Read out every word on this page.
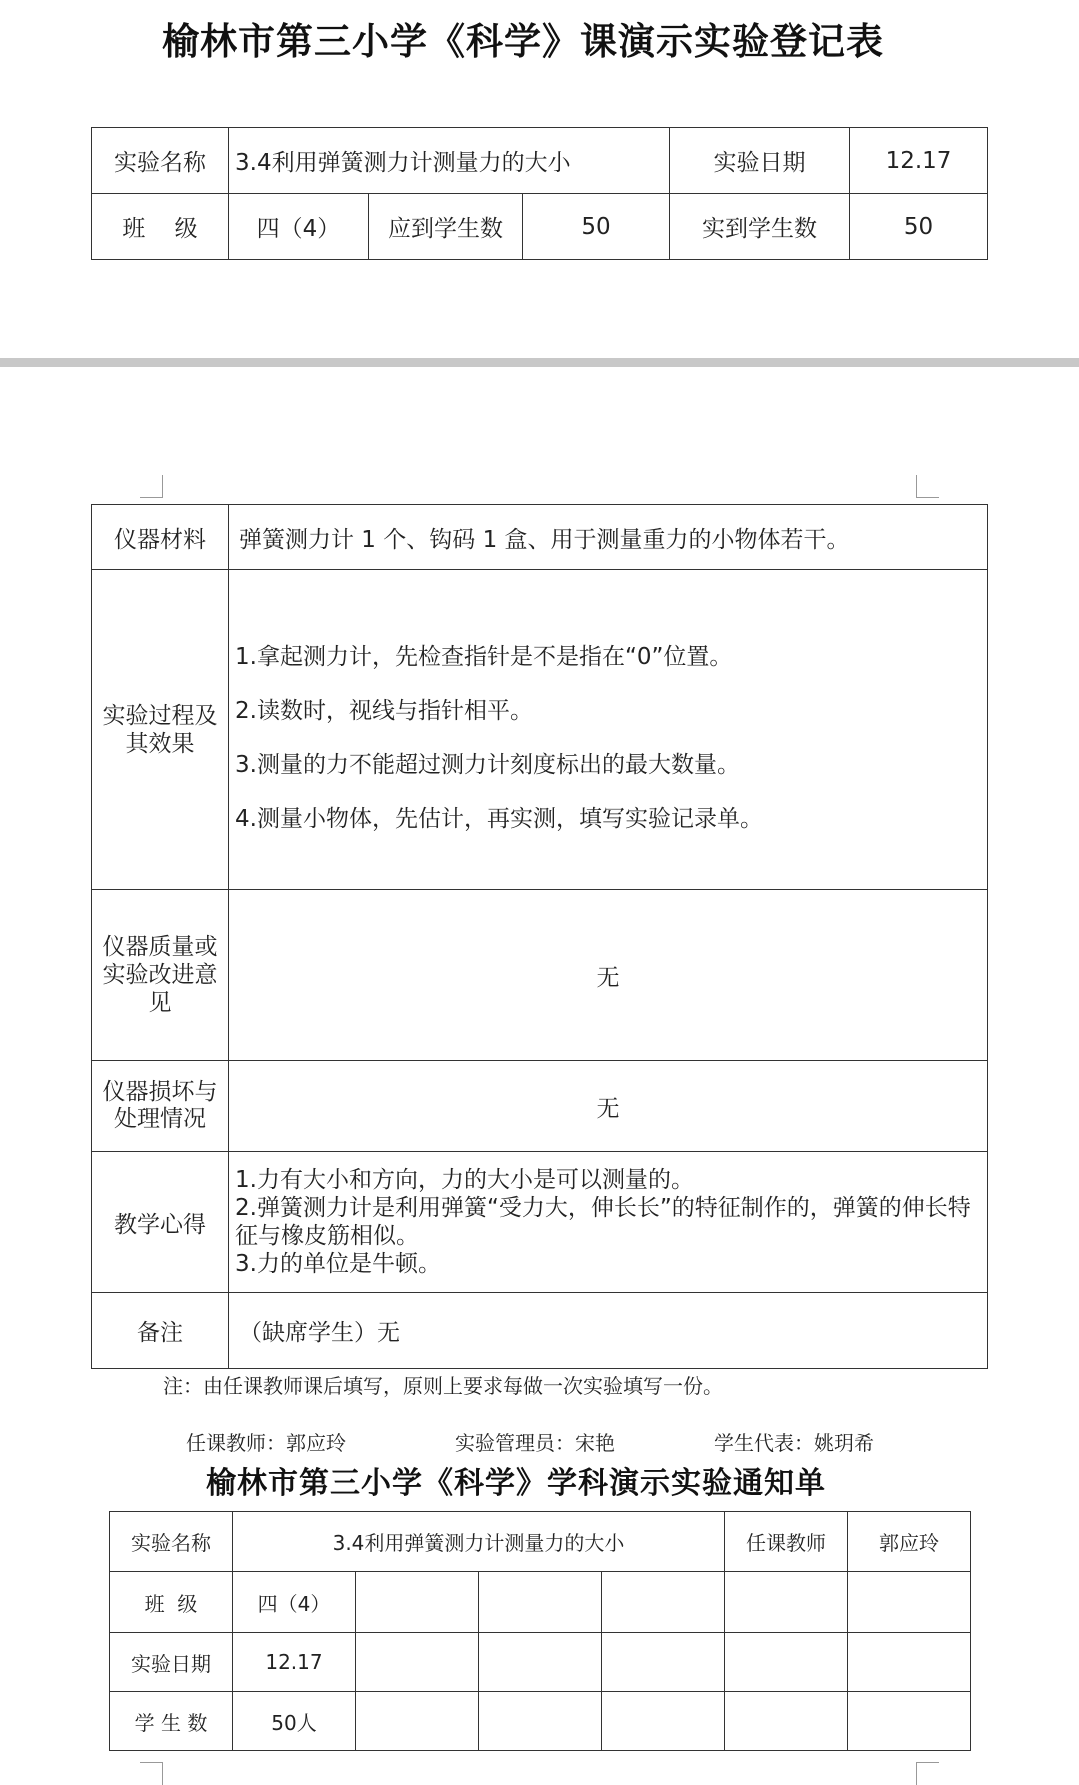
榆林市第三小学《科学》课演示实验登记表
实验名称	3.4利用弹簧测力计测量力的大小			实验日期	12.17
班    级	四（4）	应到学生数	50	实到学生数	50
仪器材料	弹簧测力计 1 个、钩码 1 盒、用于测量重力的小物体若干。
实验过程及其效果	1.拿起测力计，先检查指针是不是指在“0”位置。
2.读数时，视线与指针相平。
3.测量的力不能超过测力计刻度标出的最大数量。
4.测量小物体，先估计，再实测，填写实验记录单。

仪器质量或实验改进意见	无
仪器损坏与处理情况	无
教学心得	1.力有大小和方向，力的大小是可以测量的。
2.弹簧测力计是利用弹簧“受力大，伸长长”的特征制作的，弹簧的伸长特征与橡皮筋相似。
3.力的单位是牛顿。

备注	（缺席学生）无
注：由任课教师课后填写，原则上要求每做一次实验填写一份。
任课教师：郭应玲	实验管理员：宋艳	学生代表：姚玥希
榆林市第三小学《科学》学科演示实验通知单
实验名称	3.4利用弹簧测力计测量力的大小				任课教师	郭应玲
班  级	四（4）					
实验日期	12.17					
学 生 数	50人					
